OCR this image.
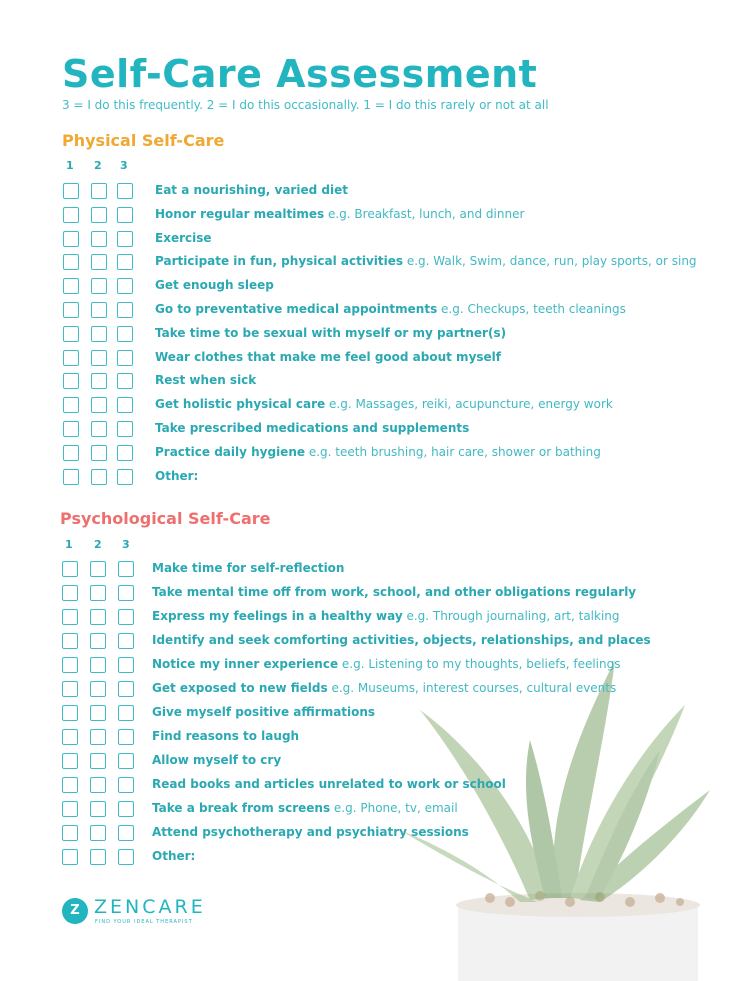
Self-Care Assessment
3 = I do this frequently. 2 = I do this occasionally. 1 = I do this rarely or not at all
Physical Self-Care
1 2 3
Eat a nourishing, varied diet
Honor regular mealtimes e.g. Breakfast, lunch, and dinner
Exercise
Participate in fun, physical activities e.g. Walk, Swim, dance, run, play sports, or sing
Get enough sleep
Go to preventative medical appointments e.g. Checkups, teeth cleanings
Take time to be sexual with myself or my partner(s)
Wear clothes that make me feel good about myself
Rest when sick
Get holistic physical care e.g. Massages, reiki, acupuncture, energy work
Take prescribed medications and supplements
Practice daily hygiene e.g. teeth brushing, hair care, shower or bathing
Other:
Psychological Self-Care
1 2 3
Make time for self-reflection
Take mental time off from work, school, and other obligations regularly
Express my feelings in a healthy way e.g. Through journaling, art, talking
Identify and seek comforting activities, objects, relationships, and places
Notice my inner experience e.g. Listening to my thoughts, beliefs, feelings
Get exposed to new fields e.g. Museums, interest courses, cultural events
Give myself positive affirmations
Find reasons to laugh
Allow myself to cry
Read books and articles unrelated to work or school
Take a break from screens e.g. Phone, tv, email
Attend psychotherapy and psychiatry sessions
Other:
Z ZENCARE
FIND YOUR IDEAL THERAPIST
